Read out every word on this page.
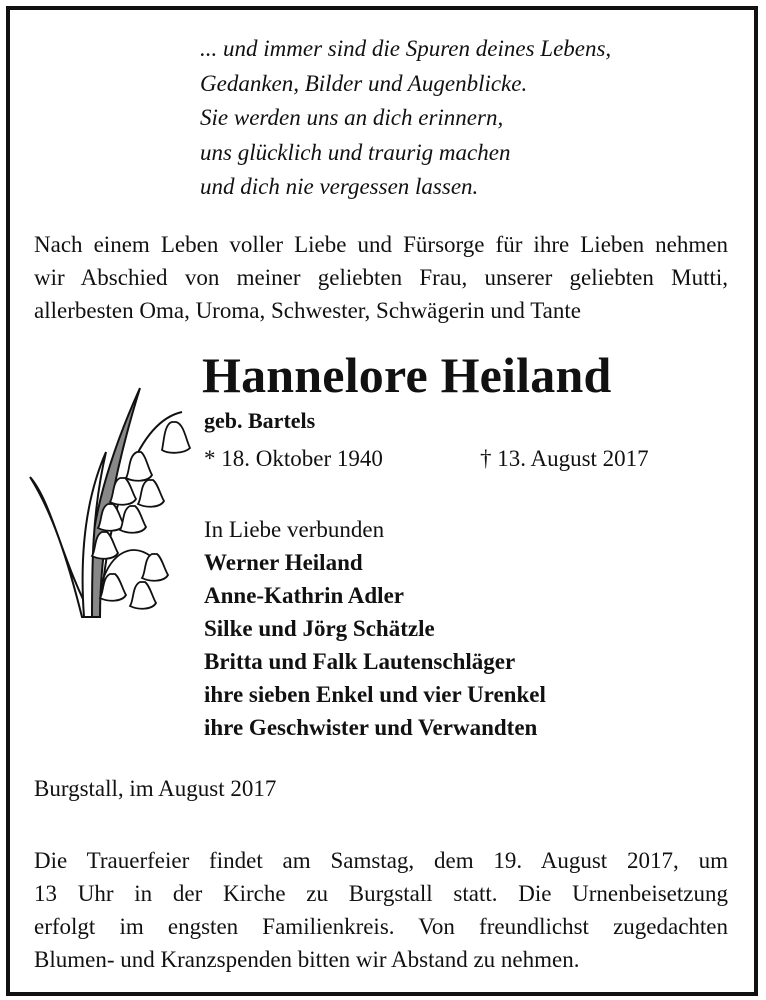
... und immer sind die Spuren deines Lebens,
Gedanken, Bilder und Augenblicke.
Sie werden uns an dich erinnern,
uns glücklich und traurig machen
und dich nie vergessen lassen.
Nach einem Leben voller Liebe und Fürsorge für ihre Lieben nehmen
wir Abschied von meiner geliebten Frau, unserer geliebten Mutti,
allerbesten Oma, Uroma, Schwester, Schwägerin und Tante
Hannelore Heiland
geb. Bartels
* 18. Oktober 1940	† 13. August 2017
In Liebe verbunden
Werner Heiland
Anne-Kathrin Adler
Silke und Jörg Schätzle
Britta und Falk Lautenschläger
ihre sieben Enkel und vier Urenkel
ihre Geschwister und Verwandten
Burgstall, im August 2017
Die Trauerfeier findet am Samstag, dem 19. August 2017, um
13 Uhr in der Kirche zu Burgstall statt. Die Urnenbeisetzung
erfolgt im engsten Familienkreis. Von freundlichst zugedachten
Blumen- und Kranzspenden bitten wir Abstand zu nehmen.
